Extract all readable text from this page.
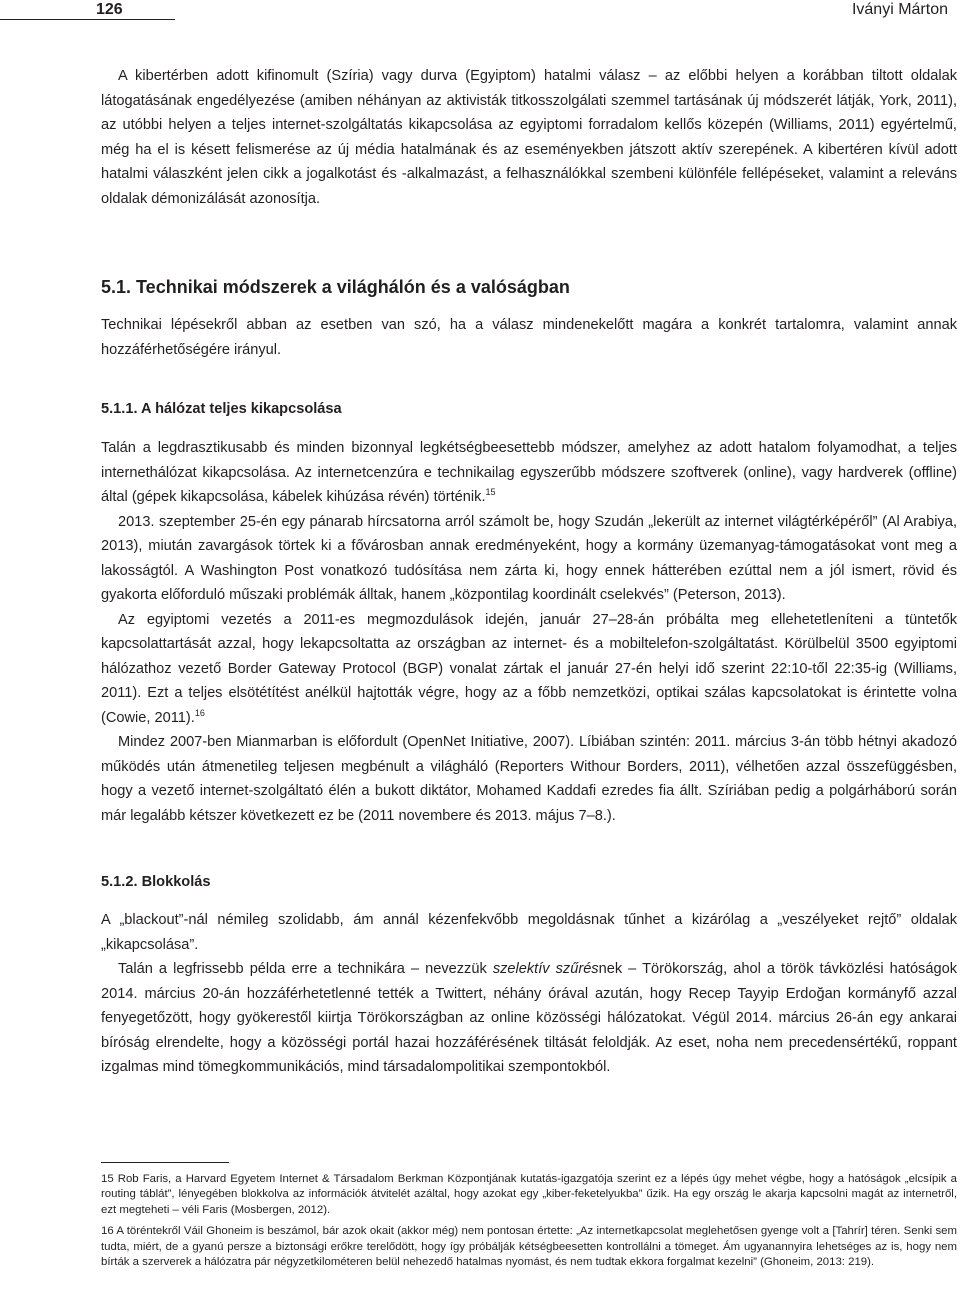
126	Iványi Márton

A kibertérben adott kifinomult (Szíria) vagy durva (Egyiptom) hatalmi válasz – az előbbi helyen a korábban tiltott oldalak látogatásának engedélyezése (amiben néhányan az aktivisták titkosszolgálati szemmel tartásának új módszerét látják, York, 2011), az utóbbi helyen a teljes internet-szolgáltatás kikapcsolása az egyiptomi forradalom kellős közepén (Williams, 2011) egyértelmű, még ha el is késett felismerése az új média hatalmának és az eseményekben játszott aktív szerepének. A kibertéren kívül adott hatalmi válaszként jelen cikk a jogalkotást és -alkalmazást, a felhasználókkal szembeni különféle fellépéseket, valamint a releváns oldalak démonizálását azonosítja.

5.1. Technikai módszerek a világhálón és a valóságban

Technikai lépésekről abban az esetben van szó, ha a válasz mindenekelőtt magára a konkrét tartalomra, valamint annak hozzáférhetőségére irányul.

5.1.1. A hálózat teljes kikapcsolása

Talán a legdrasztikusabb és minden bizonnyal legkétségbeesettebb módszer, amelyhez az adott hatalom folyamodhat, a teljes internethálózat kikapcsolása. Az internetcenzúra e technikailag egyszerűbb módszere szoftverek (online), vagy hardverek (offline) által (gépek kikapcsolása, kábelek kihúzása révén) történik.$^{15}$

2013. szeptember 25-én egy pánarab hírcsatorna arról számolt be, hogy Szudán „lekerült az internet világtérképéről” (Al Arabiya, 2013), miután zavargások törtek ki a fővárosban annak eredményeként, hogy a kormány üzemanyag-támogatásokat vont meg a lakosságtól. A Washington Post vonatkozó tudósítása nem zárta ki, hogy ennek hátterében ezúttal nem a jól ismert, rövid és gyakorta előforduló műszaki problémák álltak, hanem „központilag koordinált cselekvés” (Peterson, 2013).

Az egyiptomi vezetés a 2011-es megmozdulások idején, január 27–28-án próbálta meg ellehetetleníteni a tüntetők kapcsolattartását azzal, hogy lekapcsoltatta az országban az internet- és a mobiltelefon-szolgáltatást. Körülbelül 3500 egyiptomi hálózathoz vezető Border Gateway Protocol (BGP) vonalat zártak el január 27-én helyi idő szerint 22:10-től 22:35-ig (Williams, 2011). Ezt a teljes elsötétítést anélkül hajtották végre, hogy az a főbb nemzetközi, optikai szálas kapcsolatokat is érintette volna (Cowie, 2011).$^{16}$

Mindez 2007-ben Mianmarban is előfordult (OpenNet Initiative, 2007). Líbiában szintén: 2011. március 3-án több hétnyi akadozó működés után átmenetileg teljesen megbénult a világháló (Reporters Withour Borders, 2011), vélhetően azzal összefüggésben, hogy a vezető internet-szolgáltató élén a bukott diktátor, Mohamed Kaddafi ezredes fia állt. Szíriában pedig a polgárháború során már legalább kétszer következett ez be (2011 novembere és 2013. május 7–8.).

5.1.2. Blokkolás

A „blackout”-nál némileg szolidabb, ám annál kézenfekvőbb megoldásnak tűnhet a kizárólag a „veszélyeket rejtő” oldalak „kikapcsolása”.

Talán a legfrissebb példa erre a technikára – nevezzük szelektív szűrésnek – Törökország, ahol a török távközlési hatóságok 2014. március 20-án hozzáférhetetlenné tették a Twittert, néhány órával azután, hogy Recep Tayyip Erdoğan kormányfő azzal fenyegetőzött, hogy gyökerestől kiirtja Törökországban az online közösségi hálózatokat. Végül 2014. március 26-án egy ankarai bíróság elrendelte, hogy a közösségi portál hazai hozzáférésének tiltását feloldják. Az eset, noha nem precedensértékű, roppant izgalmas mind tömegkommunikációs, mind társadalompolitikai szempontokból.

15 Rob Faris, a Harvard Egyetem Internet & Társadalom Berkman Központjának kutatás-igazgatója szerint ez a lépés úgy mehet végbe, hogy a hatóságok „elcsípik a routing táblát”, lényegében blokkolva az információk átvitelét azáltal, hogy azokat egy „kiber-feketelyukba” űzik. Ha egy ország le akarja kapcsolni magát az internetről, ezt megteheti – véli Faris (Mosbergen, 2012).

16 A töréntekről Váil Ghoneim is beszámol, bár azok okait (akkor még) nem pontosan értette: „Az internetkapcsolat meglehetősen gyenge volt a [Tahrír] téren. Senki sem tudta, miért, de a gyanú persze a biztonsági erőkre terelődött, hogy így próbálják kétségbeesetten kontrollálni a tömeget. Ám ugyanannyira lehetséges az is, hogy nem bírták a szerverek a hálózatra pár négyzetkilométeren belül nehezedő hatalmas nyomást, és nem tudtak ekkora forgalmat kezelni” (Ghoneim, 2013: 219).
